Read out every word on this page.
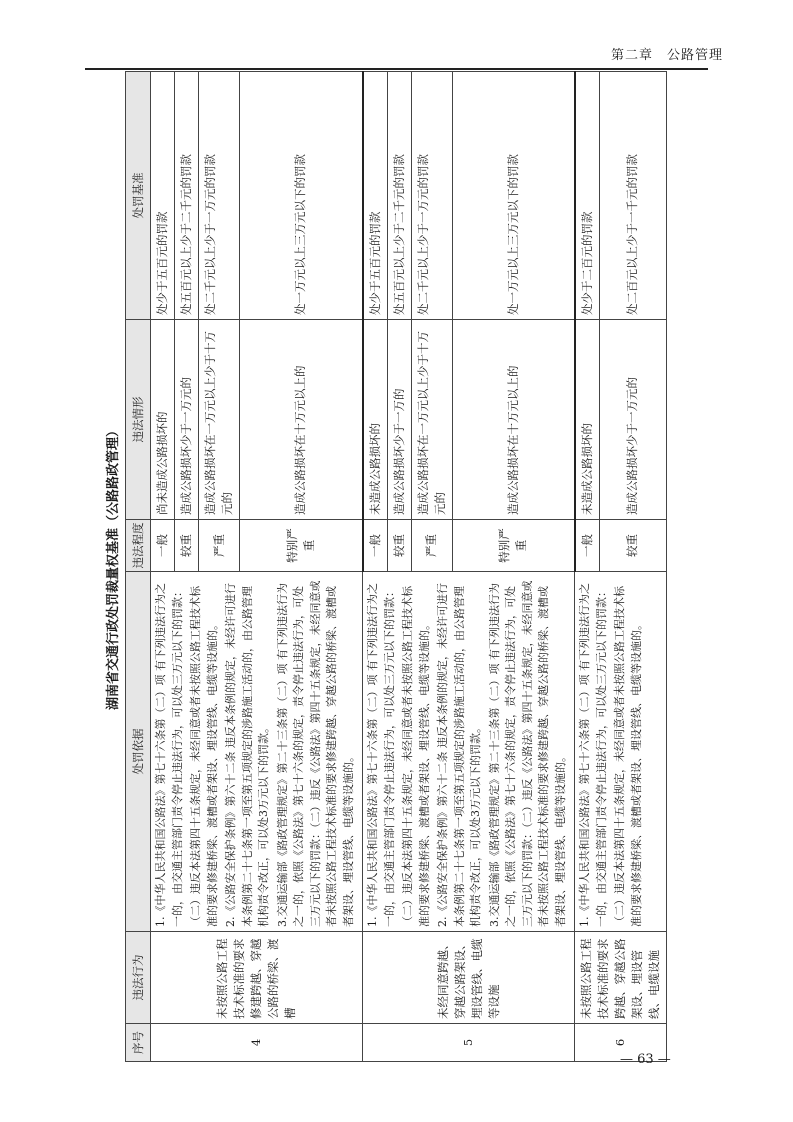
第二章　公路管理
湖南省交通行政处罚裁量权基准（公路路政管理）
序号	违法行为	处罚依据	违法程度	违法情形	处罚基准
4	未按照公路工程技术标准的要求修建跨越、穿越公路的桥梁、渡槽	1.《中华人民共和国公路法》第七十六条第（二）项 有下列违法行为之一的，由交通主管部门责令停止违法行为，可以处三万元以下的罚款： （二）违反本法第四十五条规定，未经同意或者未按照公路工程技术标准的要求修建桥梁、渡槽或者架设、埋设管线、电缆等设施的。 2.《公路安全保护条例》第六十二条 违反本条例的规定，未经许可进行本条例第二十七条第一项至第五项规定的涉路施工活动的，由公路管理机构责令改正，可以处3万元以下的罚款。 3.交通运输部《路政管理规定》第二十三条第（二）项 有下列违法行为之一的，依照《公路法》第七十六条的规定，责令停止违法行为，可处三万元以下的罚款：（二）违反《公路法》第四十五条规定，未经同意或者未按照公路工程技术标准的要求修建跨越、穿越公路的桥梁、渡槽或者架设、埋设管线、电缆等设施的。	一般	尚未造成公路损坏的	处少于五百元的罚款
			较重	造成公路损坏少于一万元的	处五百元以上少于二千元的罚款
			严重	造成公路损坏在一万元以上少于十万元的	处二千元以上少于一万元的罚款
			特别严重	造成公路损坏在十万元以上的	处一万元以上三万元以下的罚款
5	未经同意跨越、穿越公路架设、埋设管线、电缆等设施	1.《中华人民共和国公路法》第七十六条第（二）项 有下列违法行为之一的，由交通主管部门责令停止违法行为，可以处三万元以下的罚款： （二）违反本法第四十五条规定，未经同意或者未按照公路工程技术标准的要求修建桥梁、渡槽或者架设、埋设管线、电缆等设施的。 2.《公路安全保护条例》第六十二条 违反本条例的规定，未经许可进行本条例第二十七条第一项至第五项规定的涉路施工活动的，由公路管理机构责令改正，可以处3万元以下的罚款。 3.交通运输部《路政管理规定》第二十三条第（二）项 有下列违法行为之一的，依照《公路法》第七十六条的规定，责令停止违法行为，可处三万元以下的罚款：（二）违反《公路法》第四十五条规定，未经同意或者未按照公路工程技术标准的要求修建跨越、穿越公路的桥梁、渡槽或者架设、埋设管线、电缆等设施的。	一般	未造成公路损坏的	处少于五百元的罚款
			较重	造成公路损坏少于一万的	处五百元以上少于二千元的罚款
			严重	造成公路损坏在一万元以上少于十万元的	处二千元以上少于一万元的罚款
			特别严重	造成公路损坏在十万元以上的	处一万元以上三万元以下的罚款
6	未按照公路工程技术标准的要求跨越、穿越公路架设、埋设管线、电缆设施	1.《中华人民共和国公路法》第七十六条第（二）项 有下列违法行为之一的，由交通主管部门责令停止违法行为，可以处三万元以下的罚款： （二）违反本法第四十五条规定，未经同意或者未按照公路工程技术标准的要求修建桥梁、渡槽或者架设、埋设管线、电缆等设施的。	一般	未造成公路损坏的	处少于二百元的罚款
			较重	造成公路损坏少于一万元的	处二百元以上少于一千元的罚款
— 63 —
